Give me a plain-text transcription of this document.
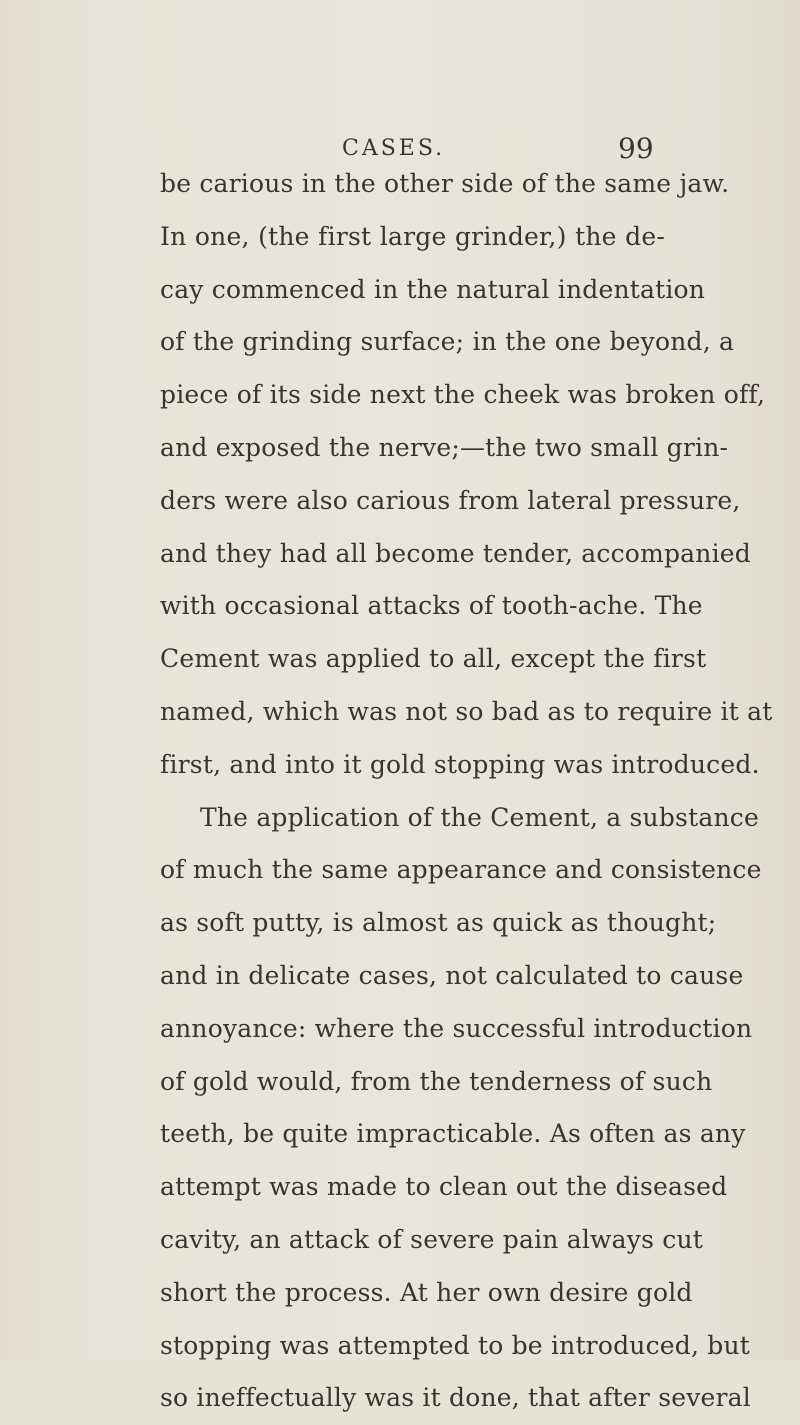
CASES.	99
be carious in the other side of the same jaw.
In one, (the first large grinder,) the de-
cay commenced in the natural indentation
of the grinding surface; in the one beyond, a
piece of its side next the cheek was broken off,
and exposed the nerve;—the two small grin-
ders were also carious from lateral pressure,
and they had all become tender, accompanied
with occasional attacks of tooth-ache. The
Cement was applied to all, except the first
named, which was not so bad as to require it at
first, and into it gold stopping was introduced.
The application of the Cement, a substance
of much the same appearance and consistence
as soft putty, is almost as quick as thought;
and in delicate cases, not calculated to cause
annoyance: where the successful introduction
of gold would, from the tenderness of such
teeth, be quite impracticable. As often as any
attempt was made to clean out the diseased
cavity, an attack of severe pain always cut
short the process. At her own desire gold
stopping was attempted to be introduced, but
so ineffectually was it done, that after several
